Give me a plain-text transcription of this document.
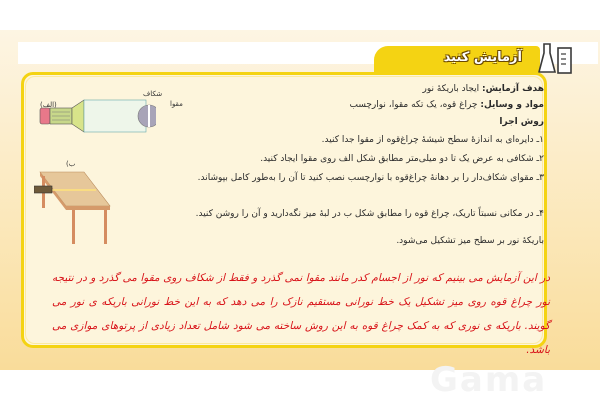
آزمایش کنید
هدف آزمایش: ایجاد باریکهٔ نور
مواد و وسایل: چراغ قوه، یک تکه مقوا، نوارچسب
روش اجرا
۱ـ دایره‌ای به اندازهٔ سطح شیشهٔ چراغ‌قوه از مقوا جدا کنید.
۲ـ شکافی به عرض یک تا دو میلی‌متر مطابق شکل الف روی مقوا ایجاد کنید.
۳ـ مقوای شکاف‌دار را بر دهانهٔ چراغ‌قوه با نوارچسب نصب کنید تا آن را به‌طور کامل بپوشاند.
۴ـ در مکانی نسبتاً تاریک، چراغ قوه را مطابق شکل ب در لبهٔ میز نگه‌دارید و آن را روشن کنید.
باریکهٔ نور بر سطح میز تشکیل می‌شود.
(الف)
شکاف
مقوا
ب)
در این آزمایش می بینیم که نور از اجسام کدر مانند مقوا نمی گذرد و فقط از شکاف روی مقوا می گذرد و در نتیجه نور چراغ قوه روی میز تشکیل یک خط نورانی مستقیم نازک را می دهد که به این خط نورانی باریکه ی نور می گویند. باریکه ی نوری که به کمک چراغ قوه به این روش ساخته می شود شامل تعداد زیادی از پرتوهای موازی می باشد.
Gama
